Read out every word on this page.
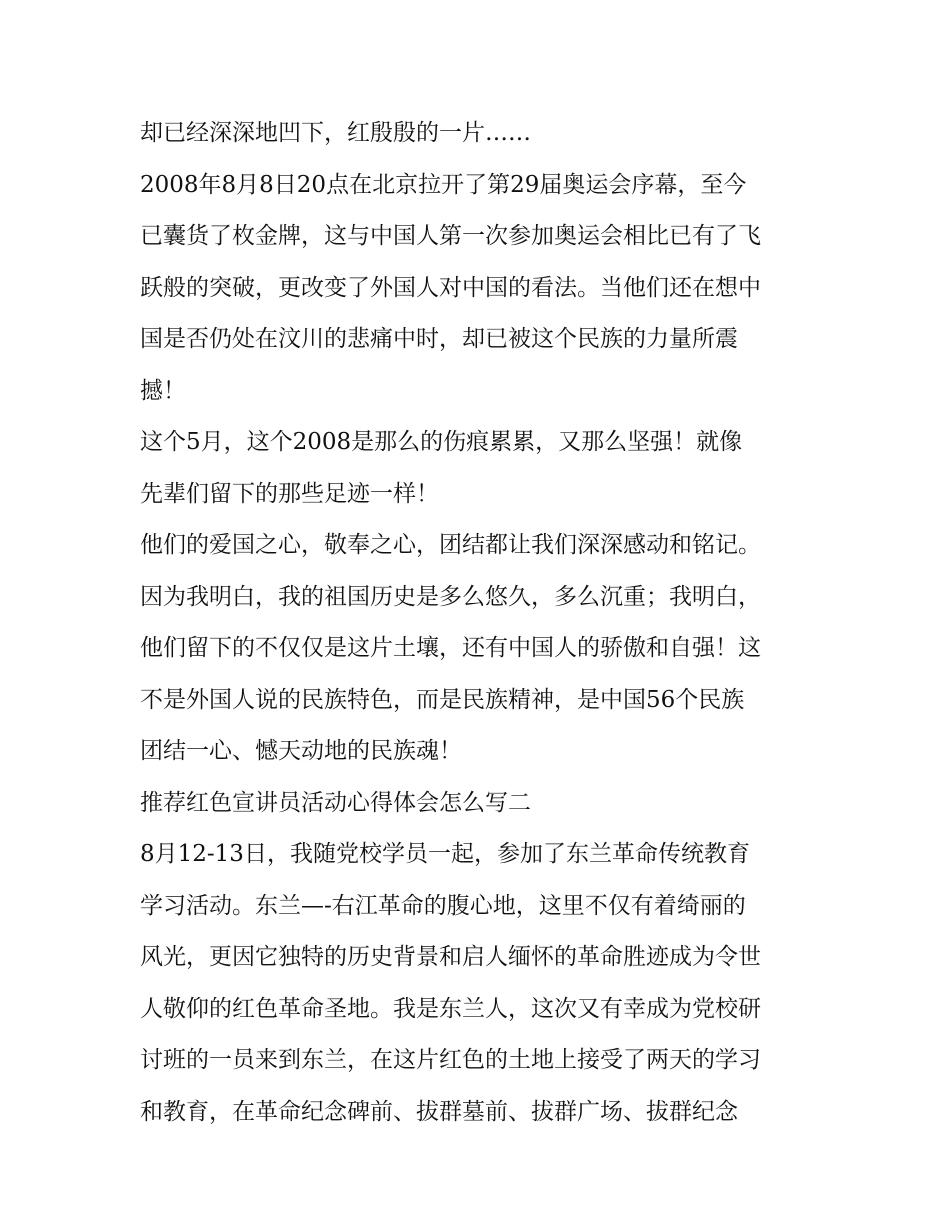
却已经深深地凹下，红殷殷的一片……
2008年8月8日20点在北京拉开了第29届奥运会序幕，至今
已囊货了枚金牌，这与中国人第一次参加奥运会相比已有了飞
跃般的突破，更改变了外国人对中国的看法。当他们还在想中
国是否仍处在汶川的悲痛中时，却已被这个民族的力量所震
撼！
这个5月，这个2008是那么的伤痕累累，又那么坚强！就像
先辈们留下的那些足迹一样！
他们的爱国之心，敬奉之心，团结都让我们深深感动和铭记。
因为我明白，我的祖国历史是多么悠久，多么沉重；我明白，
他们留下的不仅仅是这片土壤，还有中国人的骄傲和自强！这
不是外国人说的民族特色，而是民族精神，是中国56个民族
团结一心、憾天动地的民族魂！
推荐红色宣讲员活动心得体会怎么写二
8月12-13日，我随党校学员一起，参加了东兰革命传统教育
学习活动。东兰—-右江革命的腹心地，这里不仅有着绮丽的
风光，更因它独特的历史背景和启人缅怀的革命胜迹成为令世
人敬仰的红色革命圣地。我是东兰人，这次又有幸成为党校研
讨班的一员来到东兰，在这片红色的土地上接受了两天的学习
和教育，在革命纪念碑前、拔群墓前、拔群广场、拔群纪念
